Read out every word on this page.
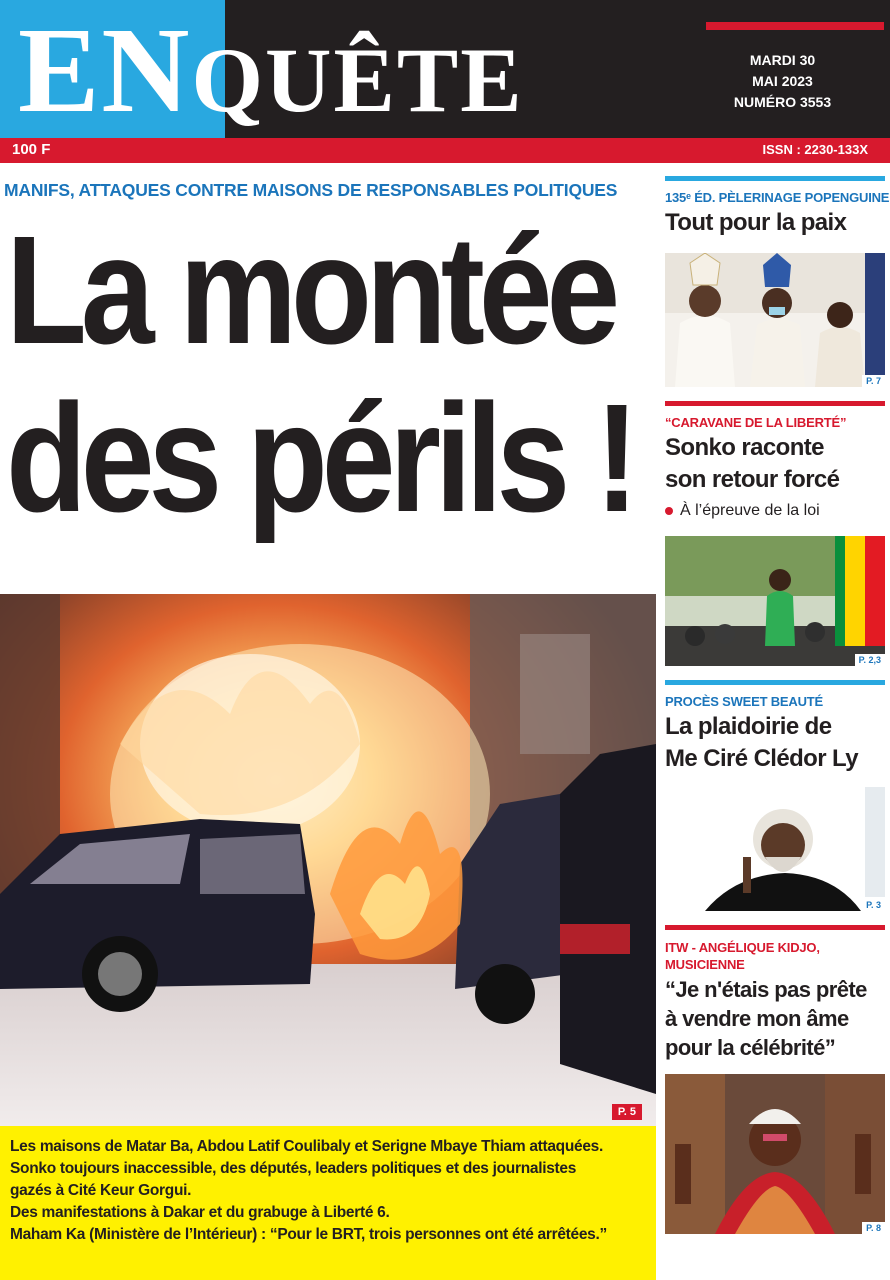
ENQUÊTE	MARDI 30
MAI 2023
NUMÉRO 3553
100 F	ISSN : 2230-133X
MANIFS, ATTAQUES CONTRE MAISONS DE RESPONSABLES POLITIQUES
La montée
des périls !
P. 5

Les maisons de Matar Ba, Abdou Latif Coulibaly et Serigne Mbaye Thiam attaquées.

Sonko toujours inaccessible, des députés, leaders politiques et des journalistes

gazés à Cité Keur Gorgui.

Des manifestations à Dakar et du grabuge à Liberté 6.

Maham Ka (Ministère de l’Intérieur) : “Pour le BRT, trois personnes ont été arrêtées.”

135ᵉ ÉD. PÈLERINAGE POPENGUINE
Tout pour la paix
P. 7
“CARAVANE DE LA LIBERTÉ”
Sonko raconte
son retour forcé
À l’épreuve de la loi
P. 2,3
PROCÈS SWEET BEAUTÉ
La plaidoirie de
Me Ciré Clédor Ly
P. 3
ITW - ANGÉLIQUE KIDJO,
MUSICIENNE
“Je n'étais pas prête
à vendre mon âme
pour la célébrité”
P. 8
